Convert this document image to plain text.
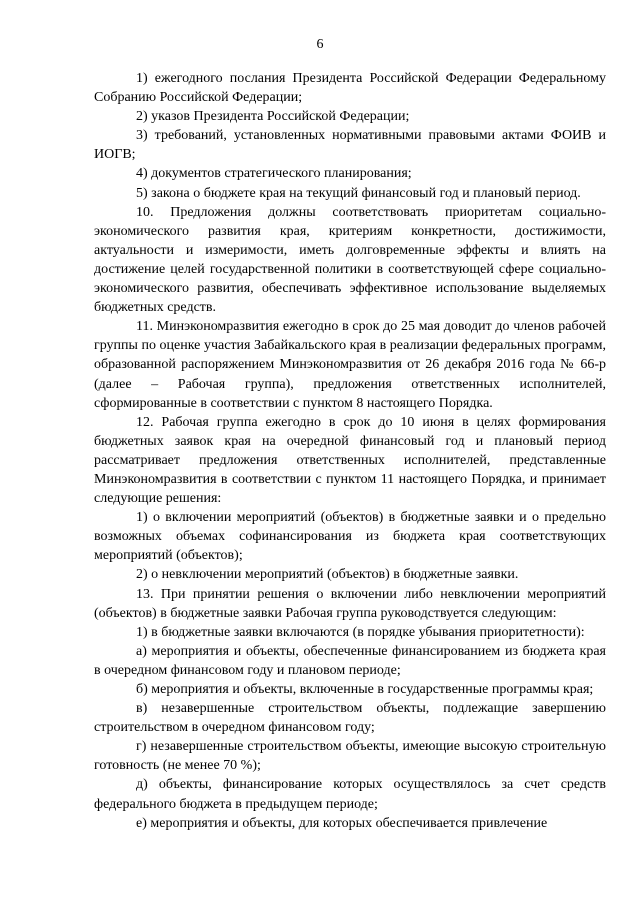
6

1) ежегодного послания Президента Российской Федерации Федеральному Собранию Российской Федерации;

2) указов Президента Российской Федерации;

3) требований, установленных нормативными правовыми актами ФОИВ и ИОГВ;

4) документов стратегического планирования;

5) закона о бюджете края на текущий финансовый год и плановый период.

10. Предложения должны соответствовать приоритетам социально-экономического развития края, критериям конкретности, достижимости, актуальности и измеримости, иметь долговременные эффекты и влиять на достижение целей государственной политики в соответствующей сфере социально-экономического развития, обеспечивать эффективное использование выделяемых бюджетных средств.

11. Минэкономразвития ежегодно в срок до 25 мая доводит до членов рабочей группы по оценке участия Забайкальского края в реализации федеральных программ, образованной распоряжением Минэкономразвития от 26 декабря 2016 года № 66-р (далее – Рабочая группа), предложения ответственных исполнителей, сформированные в соответствии с пунктом 8 настоящего Порядка.

12. Рабочая группа ежегодно в срок до 10 июня в целях формирования бюджетных заявок края на очередной финансовый год и плановый период рассматривает предложения ответственных исполнителей, представленные Минэкономразвития в соответствии с пунктом 11 настоящего Порядка, и принимает следующие решения:

1) о включении мероприятий (объектов) в бюджетные заявки и о предельно возможных объемах софинансирования из бюджета края соответствующих мероприятий (объектов);

2) о невключении мероприятий (объектов) в бюджетные заявки.

13. При принятии решения о включении либо невключении мероприятий (объектов) в бюджетные заявки Рабочая группа руководствуется следующим:

1) в бюджетные заявки включаются (в порядке убывания приоритетности):

а) мероприятия и объекты, обеспеченные финансированием из бюджета края в очередном финансовом году и плановом периоде;

б) мероприятия и объекты, включенные в государственные программы края;

в) незавершенные строительством объекты, подлежащие завершению строительством в очередном финансовом году;

г) незавершенные строительством объекты, имеющие высокую строительную готовность (не менее 70 %);

д) объекты, финансирование которых осуществлялось за счет средств федерального бюджета в предыдущем периоде;

е) мероприятия и объекты, для которых обеспечивается привлечение
